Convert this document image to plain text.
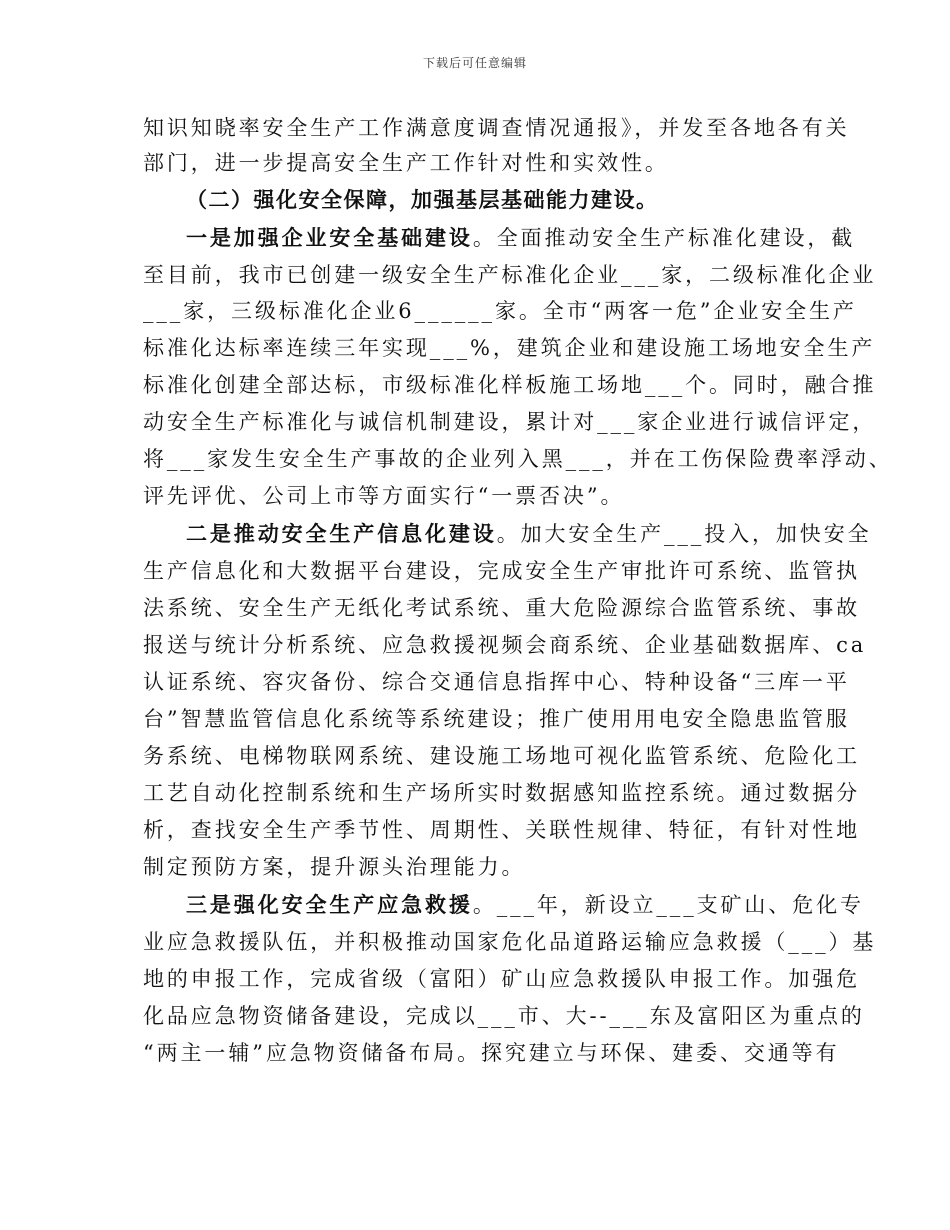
下载后可任意编辑
知识知晓率安全生产工作满意度调查情况通报》，并发至各地各有关
部门，进一步提高安全生产工作针对性和实效性。
（二）强化安全保障，加强基层基础能力建设。
一是加强企业安全基础建设。全面推动安全生产标准化建设，截
至目前，我市已创建一级安全生产标准化企业___家，二级标准化企业
___家，三级标准化企业6______家。全市“两客一危”企业安全生产
标准化达标率连续三年实现___%，建筑企业和建设施工场地安全生产
标准化创建全部达标，市级标准化样板施工场地___个。同时，融合推
动安全生产标准化与诚信机制建设，累计对___家企业进行诚信评定，
将___家发生安全生产事故的企业列入黑___，并在工伤保险费率浮动、
评先评优、公司上市等方面实行“一票否决”。
二是推动安全生产信息化建设。加大安全生产___投入，加快安全
生产信息化和大数据平台建设，完成安全生产审批许可系统、监管执
法系统、安全生产无纸化考试系统、重大危险源综合监管系统、事故
报送与统计分析系统、应急救援视频会商系统、企业基础数据库、ca
认证系统、容灾备份、综合交通信息指挥中心、特种设备“三库一平
台”智慧监管信息化系统等系统建设；推广使用用电安全隐患监管服
务系统、电梯物联网系统、建设施工场地可视化监管系统、危险化工
工艺自动化控制系统和生产场所实时数据感知监控系统。通过数据分
析，查找安全生产季节性、周期性、关联性规律、特征，有针对性地
制定预防方案，提升源头治理能力。
三是强化安全生产应急救援。___年，新设立___支矿山、危化专
业应急救援队伍，并积极推动国家危化品道路运输应急救援（___）基
地的申报工作，完成省级（富阳）矿山应急救援队申报工作。加强危
化品应急物资储备建设，完成以___市、大--___东及富阳区为重点的
“两主一辅”应急物资储备布局。探究建立与环保、建委、交通等有
